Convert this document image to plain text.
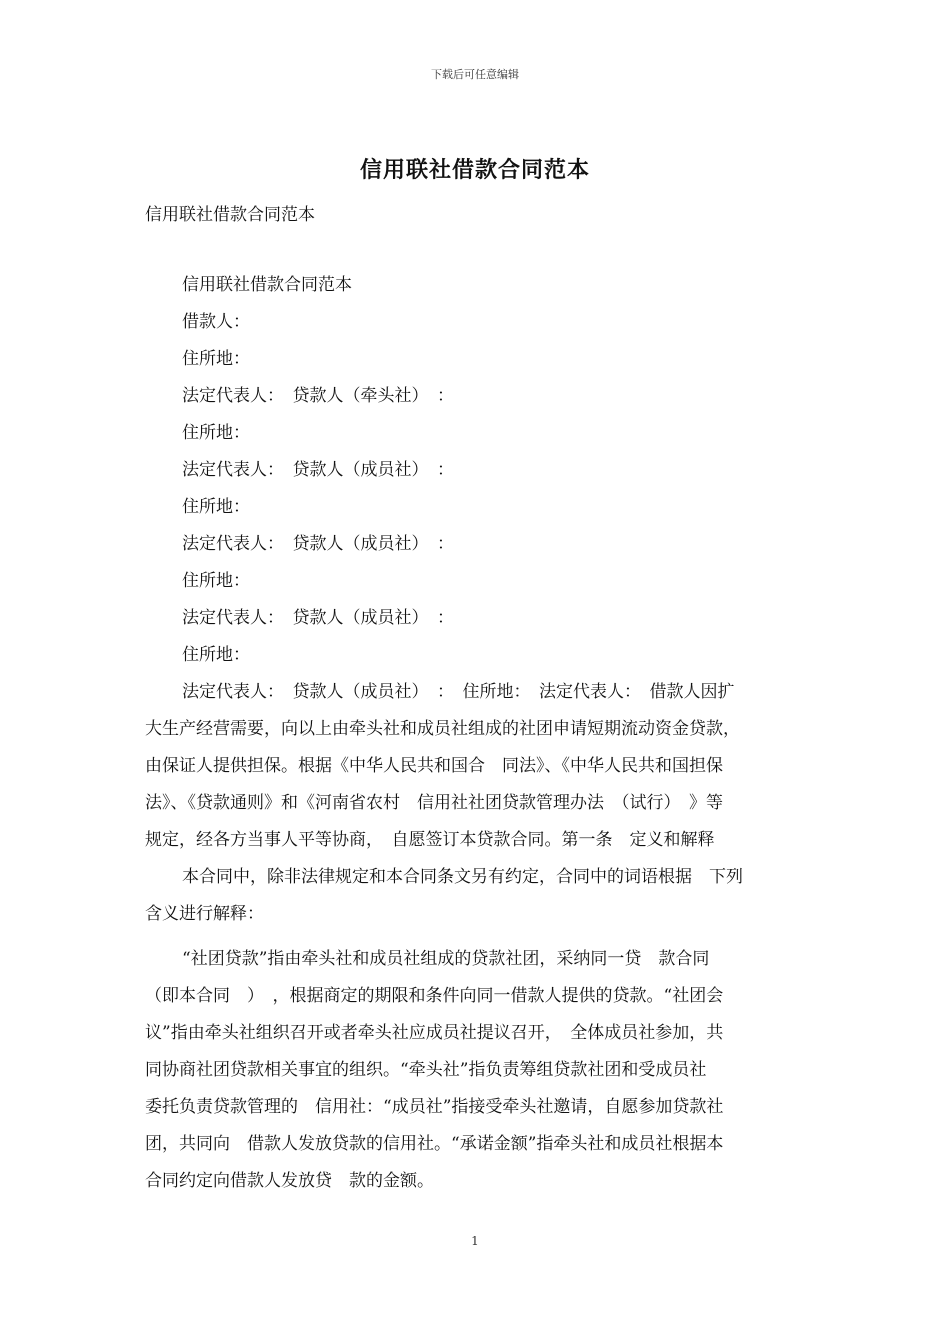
下载后可任意编辑
信用联社借款合同范本
信用联社借款合同范本
信用联社借款合同范本
借款人：
住所地：
法定代表人：　贷款人（牵头社）　：
住所地：
法定代表人：　贷款人（成员社）　：
住所地：
法定代表人：　贷款人（成员社）　：
住所地：
法定代表人：　贷款人（成员社）　：
住所地：
法定代表人：　贷款人（成员社）　：　住所地：　法定代表人：　借款人因扩
大生产经营需要，向以上由牵头社和成员社组成的社团申请短期流动资金贷款，
由保证人提供担保。根据《中华人民共和国合　同法》、《中华人民共和国担保
法》、《贷款通则》和《河南省农村　信用社社团贷款管理办法　（试行）　》等
规定，经各方当事人平等协商，　自愿签订本贷款合同。第一条　定义和解释
本合同中，除非法律规定和本合同条文另有约定，合同中的词语根据　下列
含义进行解释：
“社团贷款”指由牵头社和成员社组成的贷款社团，采纳同一贷　款合同
（即本合同　）　，根据商定的期限和条件向同一借款人提供的贷款。“社团会
议”指由牵头社组织召开或者牵头社应成员社提议召开，　全体成员社参加，共
同协商社团贷款相关事宜的组织。“牵头社”指负责筹组贷款社团和受成员社
委托负责贷款管理的　信用社：“成员社”指接受牵头社邀请，自愿参加贷款社
团，共同向　借款人发放贷款的信用社。“承诺金额”指牵头社和成员社根据本
合同约定向借款人发放贷　款的金额。
1
